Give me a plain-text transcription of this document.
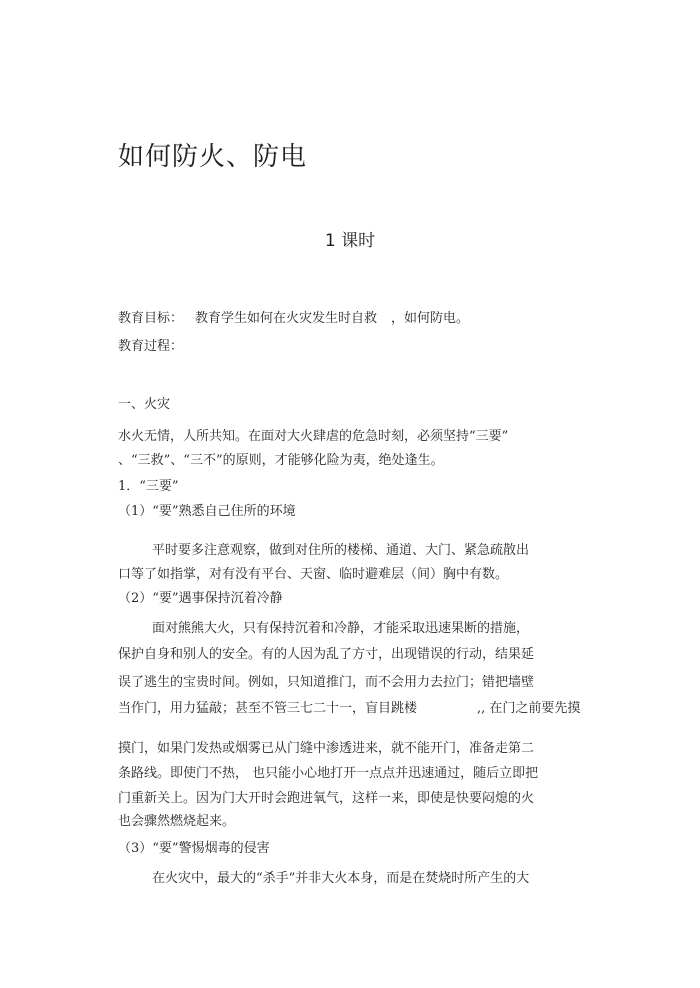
如何防火、防电
1 课时
教育目标： 教育学生如何在火灾发生时自救 ，如何防电。
教育过程：
一、火灾
水火无情，人所共知。在面对大火肆虐的危急时刻，必须坚持“三要”
、“三救”、“三不”的原则，才能够化险为夷，绝处逢生。
1．“三要”
（1）“要”熟悉自己住所的环境
平时要多注意观察，做到对住所的楼梯、通道、大门、紧急疏散出
口等了如指掌，对有没有平台、天窗、临时避难层（间）胸中有数。
（2）“要”遇事保持沉着冷静
面对熊熊大火，只有保持沉着和冷静，才能采取迅速果断的措施，
保护自身和别人的安全。有的人因为乱了方寸，出现错误的行动，结果延
误了逃生的宝贵时间。例如，只知道推门，而不会用力去拉门；错把墙壁
当作门，用力猛敲；甚至不管三七二十一，盲目跳楼	,, 在门之前要先摸
摸门，如果门发热或烟雾已从门缝中渗透进来，就不能开门，准备走第二
条路线。即使门不热， 也只能小心地打开一点点并迅速通过，随后立即把
门重新关上。因为门大开时会跑进氧气，这样一来，即使是快要闷熄的火
也会骤然燃烧起来。
（3）“要”警惕烟毒的侵害
在火灾中，最大的“杀手”并非大火本身，而是在焚烧时所产生的大
